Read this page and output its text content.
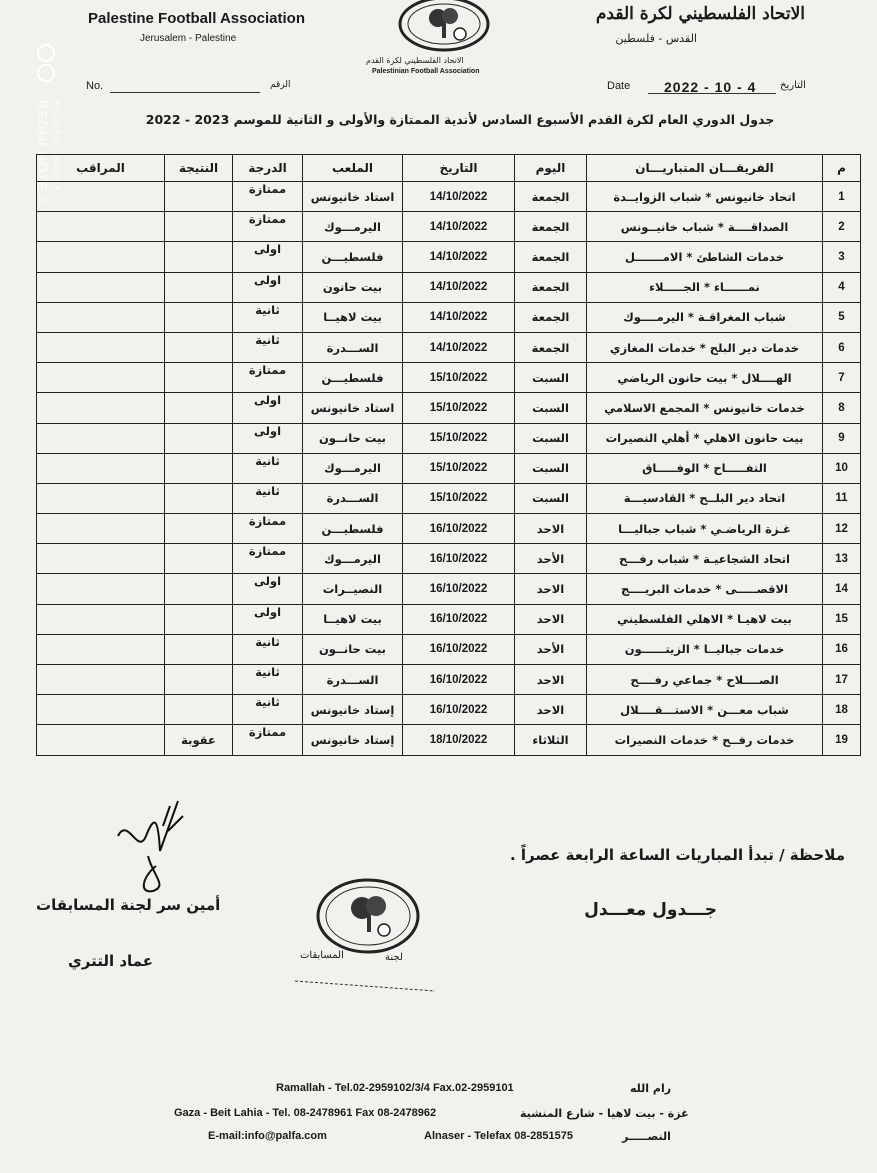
Palestine Football Association
Jerusalem - Palestine
الاتحاد الفلسطيني لكرة القدم
القدس - فلسطين
الاتحاد الفلسطيني لكرة القدم
Palestinian Football Association
No.	الرقم	Date 2022 - 10 - 4 التاريخ
REDMI NOTE 9 AI QUAD CAMERA	جدول الدوري العام لكرة القدم الأسبوع السادس لأندية الممتازة والأولى و الثانية للموسم 2023 - 2022
م	الفريقـــان المتباريـــان	اليوم	التاريخ	الملعب	الدرجة	النتيجة	المراقب
1	اتحاد خانيونس * شباب الزوايــدة	الجمعة	14/10/2022	استاد خانيونس	ممتازة		
2	الصداقــــة * شباب خانيــونس	الجمعة	14/10/2022	اليرمـــوك	ممتازة		
3	خدمات الشاطئ * الامـــــــل	الجمعة	14/10/2022	فلسطيـــن	اولى		
4	نمــــــاء * الجـــــلاء	الجمعة	14/10/2022	بيت حانون	اولى		
5	شباب المغراقـة * اليرمــــوك	الجمعة	14/10/2022	بيت لاهيــا	ثانية		
6	خدمات دير البلح * خدمات المغازي	الجمعة	14/10/2022	الســـدرة	ثانية		
7	الهــــلال * بيت حانون الرياضي	السبت	15/10/2022	فلسطيـــن	ممتازة		
8	خدمات خانيونس * المجمع الاسلامي	السبت	15/10/2022	استاد خانيونس	اولى		
9	بيت حانون الاهلي * أهلي النصيرات	السبت	15/10/2022	بيت حانــون	اولى		
10	التفـــــاح * الوفـــــاق	السبت	15/10/2022	اليرمـــوك	ثانية		
11	اتحاد دير البلــح * القادسيـــة	السبت	15/10/2022	الســـدرة	ثانية		
12	غـزة الرياضـي * شباب جباليـــا	الاحد	16/10/2022	فلسطيـــن	ممتازة		
13	اتحاد الشجاعيـة * شباب رفـــح	الأحد	16/10/2022	اليرمـــوك	ممتازة		
14	الاقصـــــى * خدمات البريــــج	الاحد	16/10/2022	النصيــرات	اولى		
15	بيت لاهيـا * الاهلي الفلسطيني	الاحد	16/10/2022	بيت لاهيــا	اولى		
16	خدمات جباليــا * الزيتــــــون	الأحد	16/10/2022	بيت حانــون	ثانية		
17	الصــــلاح * جماعي رفــــح	الاحد	16/10/2022	الســـدرة	ثانية		
18	شباب معـــن * الاستـــقــــلال	الاحد	16/10/2022	إستاد خانيونس	ثانية		
19	خدمات رفــح * خدمات النصيرات	الثلاثاء	18/10/2022	إستاد خانيونس	ممتازة	عقوبة	
ملاحظة / تبدأ المباريات الساعة الرابعة عصراً .
جـــدول معـــدل
أمين سر لجنة المسابقات
عماد التتري	لجنة
المسابقات
Ramallah - Tel.02-2959102/3/4 Fax.02-2959101	رام الله
Gaza - Beit Lahia - Tel. 08-2478961 Fax 08-2478962	غزة - بيت لاهيا - شارع المنشية
E-mail:info@palfa.com	Alnaser - Telefax 08-2851575	النصـــــر
